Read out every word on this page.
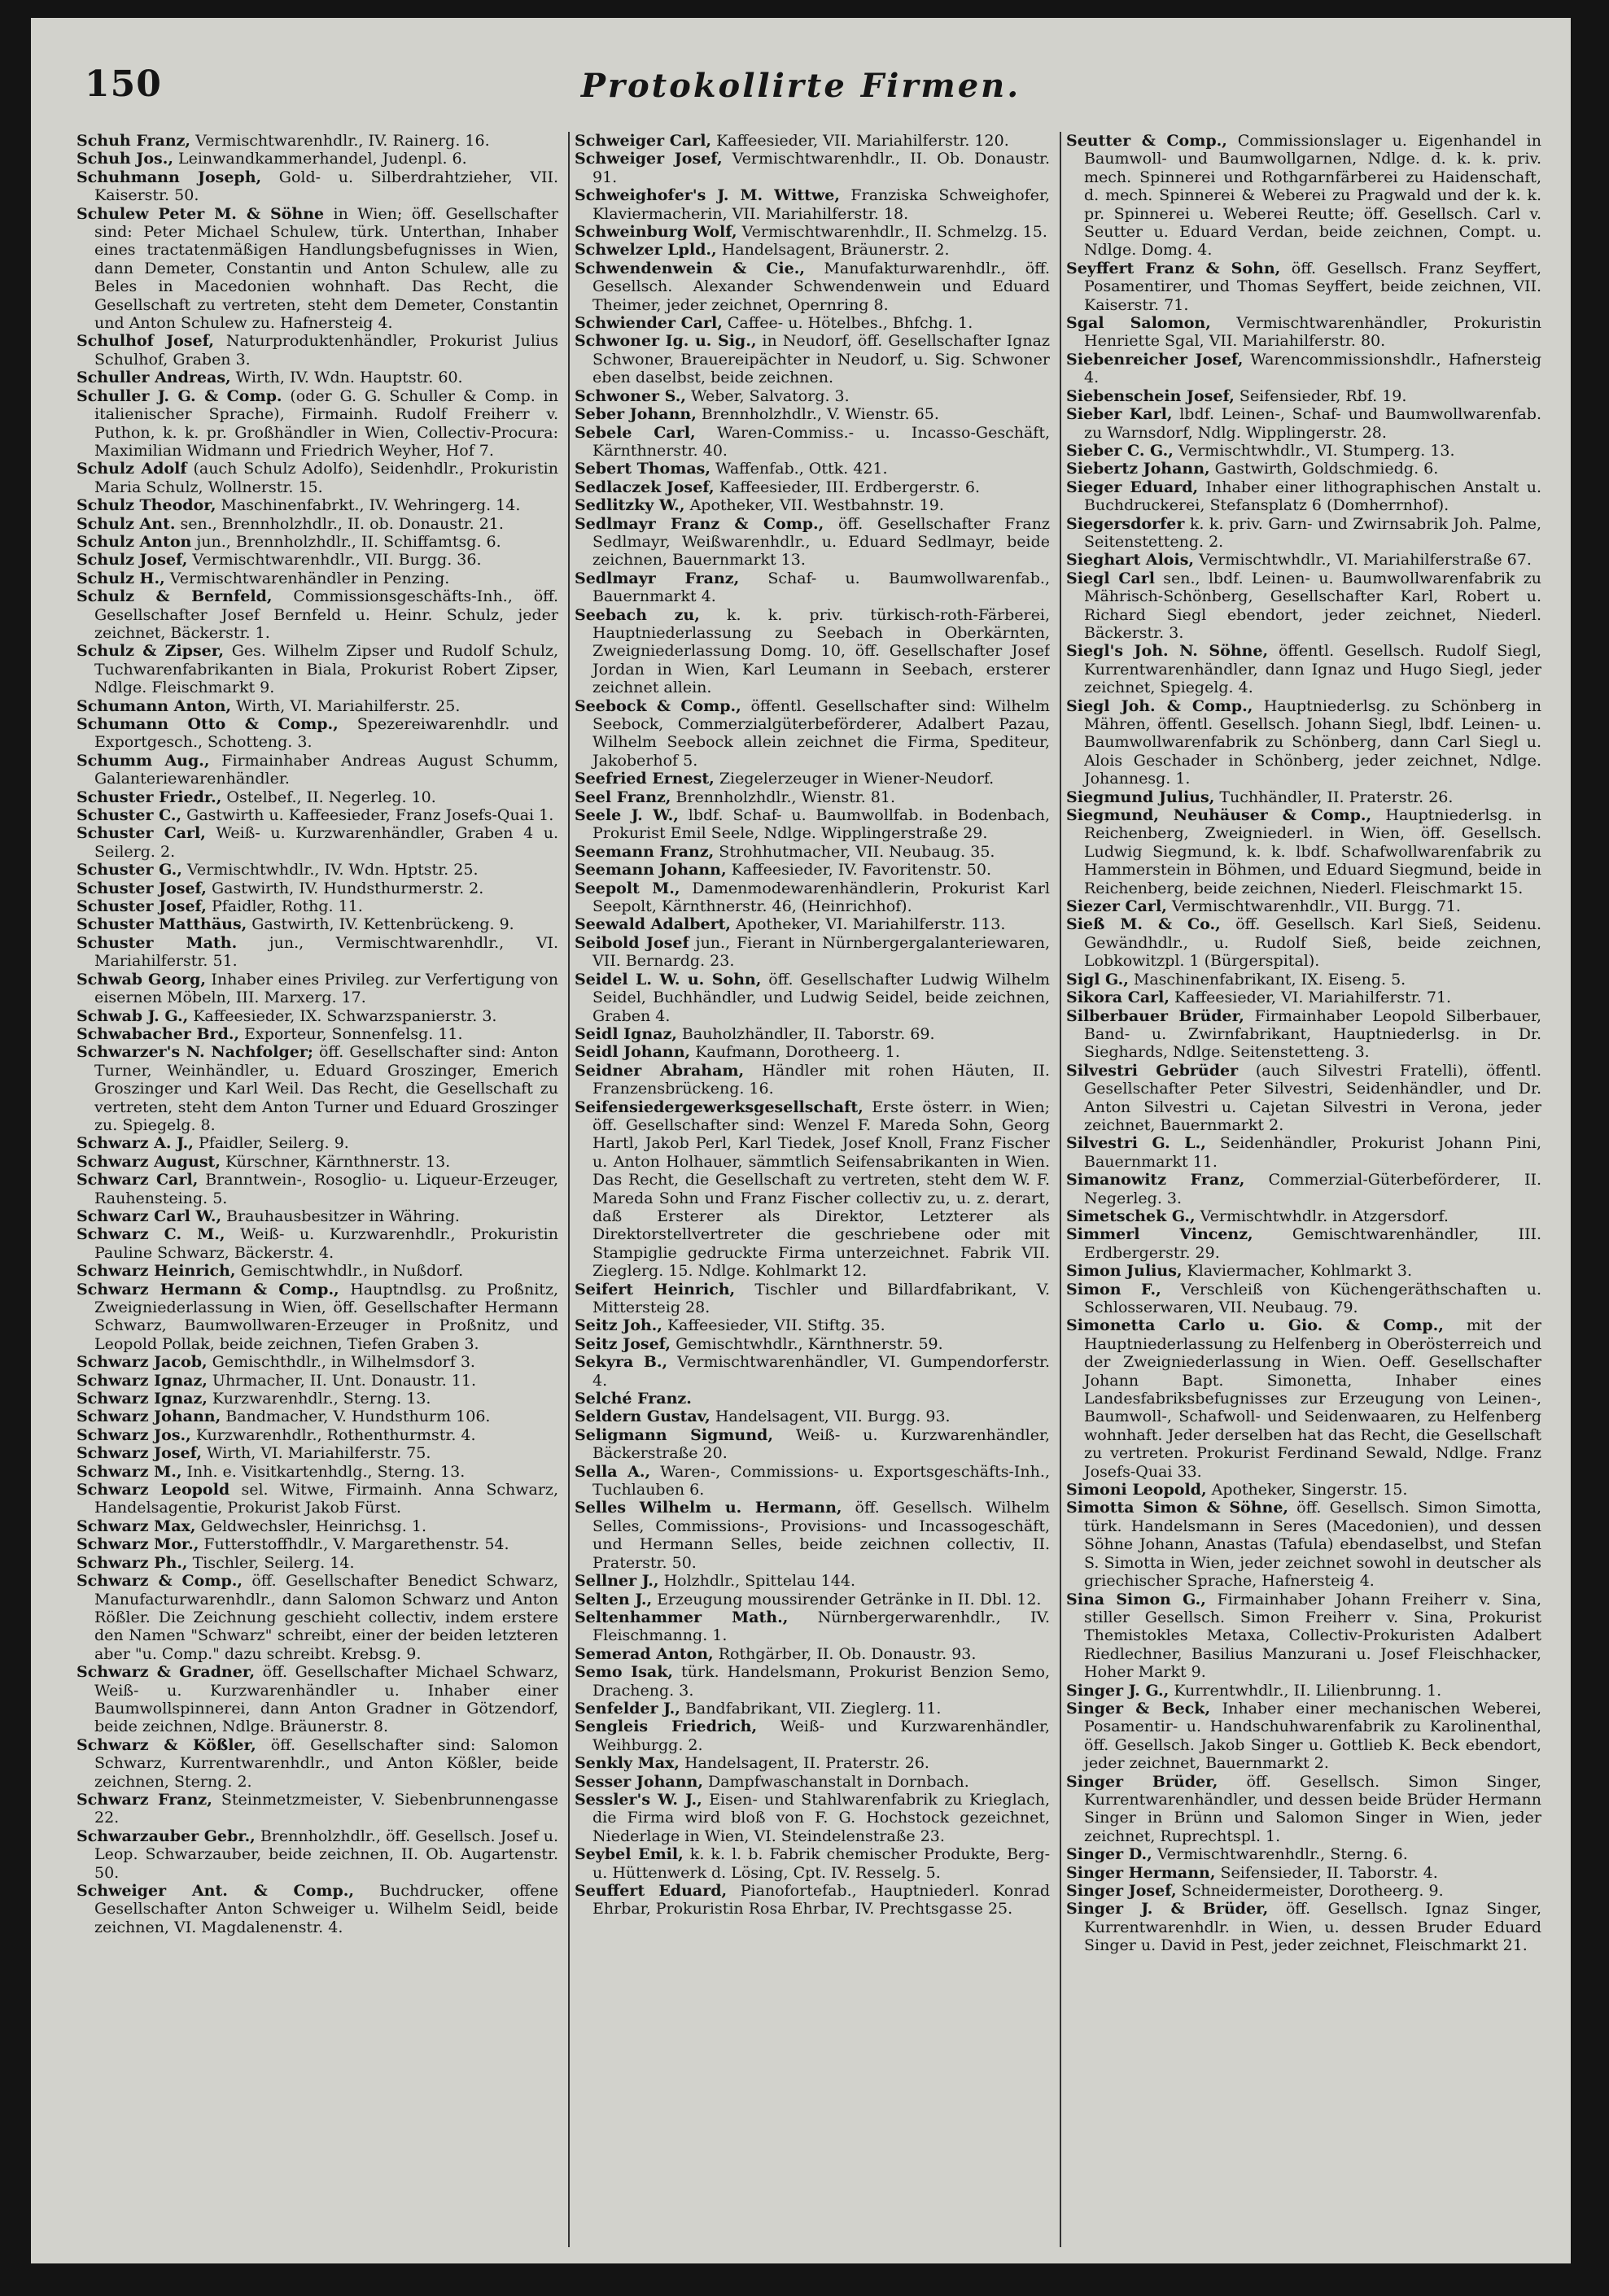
150	Protokollirte Firmen.

Schuh Franz, Vermischtwarenhdlr., IV. Rainerg. 16.

Schuh Jos., Leinwandkammerhandel, Judenpl. 6.

Schuhmann Joseph, Gold- u. Silberdrahtzieher, VII. Kaiserstr. 50.

Schulew Peter M. & Söhne in Wien; öff. Gesellschafter sind: Peter Michael Schulew, türk. Unterthan, Inhaber eines tractatenmäßigen Handlungsbefugnisses in Wien, dann Demeter, Constantin und Anton Schulew, alle zu Beles in Macedonien wohnhaft. Das Recht, die Gesellschaft zu vertreten, steht dem Demeter, Constantin und Anton Schulew zu. Hafnersteig 4.

Schulhof Josef, Naturproduktenhändler, Prokurist Julius Schulhof, Graben 3.

Schuller Andreas, Wirth, IV. Wdn. Hauptstr. 60.

Schuller J. G. & Comp. (oder G. G. Schuller & Comp. in italienischer Sprache), Firmainh. Rudolf Freiherr v. Puthon, k. k. pr. Großhändler in Wien, Collectiv-Procura: Maximilian Widmann und Friedrich Weyher, Hof 7.

Schulz Adolf (auch Schulz Adolfo), Seidenhdlr., Prokuristin Maria Schulz, Wollnerstr. 15.

Schulz Theodor, Maschinenfabrkt., IV. Wehringerg. 14.

Schulz Ant. sen., Brennholzhdlr., II. ob. Donaustr. 21.

Schulz Anton jun., Brennholzhdlr., II. Schiffamtsg. 6.

Schulz Josef, Vermischtwarenhdlr., VII. Burgg. 36.

Schulz H., Vermischtwarenhändler in Penzing.

Schulz & Bernfeld, Commissionsgeschäfts-Inh., öff. Gesellschafter Josef Bernfeld u. Heinr. Schulz, jeder zeichnet, Bäckerstr. 1.

Schulz & Zipser, Ges. Wilhelm Zipser und Rudolf Schulz, Tuchwarenfabrikanten in Biala, Prokurist Robert Zipser, Ndlge. Fleischmarkt 9.

Schumann Anton, Wirth, VI. Mariahilferstr. 25.

Schumann Otto & Comp., Spezereiwarenhdlr. und Exportgesch., Schotteng. 3.

Schumm Aug., Firmainhaber Andreas August Schumm, Galanteriewarenhändler.

Schuster Friedr., Ostelbef., II. Negerleg. 10.

Schuster C., Gastwirth u. Kaffeesieder, Franz Josefs-Quai 1.

Schuster Carl, Weiß- u. Kurzwarenhändler, Graben 4 u. Seilerg. 2.

Schuster G., Vermischtwhdlr., IV. Wdn. Hptstr. 25.

Schuster Josef, Gastwirth, IV. Hundsthurmerstr. 2.

Schuster Josef, Pfaidler, Rothg. 11.

Schuster Matthäus, Gastwirth, IV. Kettenbrückeng. 9.

Schuster Math. jun., Vermischtwarenhdlr., VI. Mariahilferstr. 51.

Schwab Georg, Inhaber eines Privileg. zur Verfertigung von eisernen Möbeln, III. Marxerg. 17.

Schwab J. G., Kaffeesieder, IX. Schwarzspanierstr. 3.

Schwabacher Brd., Exporteur, Sonnenfelsg. 11.

Schwarzer's N. Nachfolger; öff. Gesellschafter sind: Anton Turner, Weinhändler, u. Eduard Groszinger, Emerich Groszinger und Karl Weil. Das Recht, die Gesellschaft zu vertreten, steht dem Anton Turner und Eduard Groszinger zu. Spiegelg. 8.

Schwarz A. J., Pfaidler, Seilerg. 9.

Schwarz August, Kürschner, Kärnthnerstr. 13.

Schwarz Carl, Branntwein-, Rosoglio- u. Liqueur-Erzeuger, Rauhensteing. 5.

Schwarz Carl W., Brauhausbesitzer in Währing.

Schwarz C. M., Weiß- u. Kurzwarenhdlr., Prokuristin Pauline Schwarz, Bäckerstr. 4.

Schwarz Heinrich, Gemischtwhdlr., in Nußdorf.

Schwarz Hermann & Comp., Hauptndlsg. zu Proßnitz, Zweigniederlassung in Wien, öff. Gesellschafter Hermann Schwarz, Baumwollwaren-Erzeuger in Proßnitz, und Leopold Pollak, beide zeichnen, Tiefen Graben 3.

Schwarz Jacob, Gemischthdlr., in Wilhelmsdorf 3.

Schwarz Ignaz, Uhrmacher, II. Unt. Donaustr. 11.

Schwarz Ignaz, Kurzwarenhdlr., Sterng. 13.

Schwarz Johann, Bandmacher, V. Hundsthurm 106.

Schwarz Jos., Kurzwarenhdlr., Rothenthurmstr. 4.

Schwarz Josef, Wirth, VI. Mariahilferstr. 75.

Schwarz M., Inh. e. Visitkartenhdlg., Sterng. 13.

Schwarz Leopold sel. Witwe, Firmainh. Anna Schwarz, Handelsagentie, Prokurist Jakob Fürst.

Schwarz Max, Geldwechsler, Heinrichsg. 1.

Schwarz Mor., Futterstoffhdlr., V. Margarethenstr. 54.

Schwarz Ph., Tischler, Seilerg. 14.

Schwarz & Comp., öff. Gesellschafter Benedict Schwarz, Manufacturwarenhdlr., dann Salomon Schwarz und Anton Rößler. Die Zeichnung geschieht collectiv, indem erstere den Namen "Schwarz" schreibt, einer der beiden letzteren aber "u. Comp." dazu schreibt. Krebsg. 9.

Schwarz & Gradner, öff. Gesellschafter Michael Schwarz, Weiß- u. Kurzwarenhändler u. Inhaber einer Baumwollspinnerei, dann Anton Gradner in Götzendorf, beide zeichnen, Ndlge. Bräunerstr. 8.

Schwarz & Kößler, öff. Gesellschafter sind: Salomon Schwarz, Kurrentwarenhdlr., und Anton Kößler, beide zeichnen, Sterng. 2.

Schwarz Franz, Steinmetzmeister, V. Siebenbrunnengasse 22.

Schwarzauber Gebr., Brennholzhdlr., öff. Gesellsch. Josef u. Leop. Schwarzauber, beide zeichnen, II. Ob. Augartenstr. 50.

Schweiger Ant. & Comp., Buchdrucker, offene Gesellschafter Anton Schweiger u. Wilhelm Seidl, beide zeichnen, VI. Magdalenenstr. 4.

Schweiger Carl, Kaffeesieder, VII. Mariahilferstr. 120.

Schweiger Josef, Vermischtwarenhdlr., II. Ob. Donaustr. 91.

Schweighofer's J. M. Wittwe, Franziska Schweighofer, Klaviermacherin, VII. Mariahilferstr. 18.

Schweinburg Wolf, Vermischtwarenhdlr., II. Schmelzg. 15.

Schwelzer Lpld., Handelsagent, Bräunerstr. 2.

Schwendenwein & Cie., Manufakturwarenhdlr., öff. Gesellsch. Alexander Schwendenwein und Eduard Theimer, jeder zeichnet, Opernring 8.

Schwiender Carl, Caffee- u. Hötelbes., Bhfchg. 1.

Schwoner Ig. u. Sig., in Neudorf, öff. Gesellschafter Ignaz Schwoner, Brauereipächter in Neudorf, u. Sig. Schwoner eben daselbst, beide zeichnen.

Schwoner S., Weber, Salvatorg. 3.

Seber Johann, Brennholzhdlr., V. Wienstr. 65.

Sebele Carl, Waren-Commiss.- u. Incasso-Geschäft, Kärnthnerstr. 40.

Sebert Thomas, Waffenfab., Ottk. 421.

Sedlaczek Josef, Kaffeesieder, III. Erdbergerstr. 6.

Sedlitzky W., Apotheker, VII. Westbahnstr. 19.

Sedlmayr Franz & Comp., öff. Gesellschafter Franz Sedlmayr, Weißwarenhdlr., u. Eduard Sedlmayr, beide zeichnen, Bauernmarkt 13.

Sedlmayr Franz, Schaf- u. Baumwollwarenfab., Bauernmarkt 4.

Seebach zu, k. k. priv. türkisch-roth-Färberei, Hauptniederlassung zu Seebach in Oberkärnten, Zweigniederlassung Domg. 10, öff. Gesellschafter Josef Jordan in Wien, Karl Leumann in Seebach, ersterer zeichnet allein.

Seebock & Comp., öffentl. Gesellschafter sind: Wilhelm Seebock, Commerzialgüterbeförderer, Adalbert Pazau, Wilhelm Seebock allein zeichnet die Firma, Spediteur, Jakoberhof 5.

Seefried Ernest, Ziegelerzeuger in Wiener-Neudorf.

Seel Franz, Brennholzhdlr., Wienstr. 81.

Seele J. W., lbdf. Schaf- u. Baumwollfab. in Bodenbach, Prokurist Emil Seele, Ndlge. Wipplingerstraße 29.

Seemann Franz, Strohhutmacher, VII. Neubaug. 35.

Seemann Johann, Kaffeesieder, IV. Favoritenstr. 50.

Seepolt M., Damenmodewarenhändlerin, Prokurist Karl Seepolt, Kärnthnerstr. 46, (Heinrichhof).

Seewald Adalbert, Apotheker, VI. Mariahilferstr. 113.

Seibold Josef jun., Fierant in Nürnbergergalanteriewaren, VII. Bernardg. 23.

Seidel L. W. u. Sohn, öff. Gesellschafter Ludwig Wilhelm Seidel, Buchhändler, und Ludwig Seidel, beide zeichnen, Graben 4.

Seidl Ignaz, Bauholzhändler, II. Taborstr. 69.

Seidl Johann, Kaufmann, Dorotheerg. 1.

Seidner Abraham, Händler mit rohen Häuten, II. Franzensbrückeng. 16.

Seifensiedergewerksgesellschaft, Erste österr. in Wien; öff. Gesellschafter sind: Wenzel F. Mareda Sohn, Georg Hartl, Jakob Perl, Karl Tiedek, Josef Knoll, Franz Fischer u. Anton Holhauer, sämmtlich Seifensabrikanten in Wien. Das Recht, die Gesellschaft zu vertreten, steht dem W. F. Mareda Sohn und Franz Fischer collectiv zu, u. z. derart, daß Ersterer als Direktor, Letzterer als Direktorstellvertreter die geschriebene oder mit Stampiglie gedruckte Firma unterzeichnet. Fabrik VII. Zieglerg. 15. Ndlge. Kohlmarkt 12.

Seifert Heinrich, Tischler und Billardfabrikant, V. Mittersteig 28.

Seitz Joh., Kaffeesieder, VII. Stiftg. 35.

Seitz Josef, Gemischtwhdlr., Kärnthnerstr. 59.

Sekyra B., Vermischtwarenhändler, VI. Gumpendorferstr. 4.

Selché Franz.

Seldern Gustav, Handelsagent, VII. Burgg. 93.

Seligmann Sigmund, Weiß- u. Kurzwarenhändler, Bäckerstraße 20.

Sella A., Waren-, Commissions- u. Exportsgeschäfts-Inh., Tuchlauben 6.

Selles Wilhelm u. Hermann, öff. Gesellsch. Wilhelm Selles, Commissions-, Provisions- und Incassogeschäft, und Hermann Selles, beide zeichnen collectiv, II. Praterstr. 50.

Sellner J., Holzhdlr., Spittelau 144.

Selten J., Erzeugung moussirender Getränke in II. Dbl. 12.

Seltenhammer Math., Nürnbergerwarenhdlr., IV. Fleischmanng. 1.

Semerad Anton, Rothgärber, II. Ob. Donaustr. 93.

Semo Isak, türk. Handelsmann, Prokurist Benzion Semo, Dracheng. 3.

Senfelder J., Bandfabrikant, VII. Zieglerg. 11.

Sengleis Friedrich, Weiß- und Kurzwarenhändler, Weihburgg. 2.

Senkly Max, Handelsagent, II. Praterstr. 26.

Sesser Johann, Dampfwaschanstalt in Dornbach.

Sessler's W. J., Eisen- und Stahlwarenfabrik zu Krieglach, die Firma wird bloß von F. G. Hochstock gezeichnet, Niederlage in Wien, VI. Steindelenstraße 23.

Seybel Emil, k. k. l. b. Fabrik chemischer Produkte, Berg- u. Hüttenwerk d. Lösing, Cpt. IV. Resselg. 5.

Seuffert Eduard, Pianofortefab., Hauptniederl. Konrad Ehrbar, Prokuristin Rosa Ehrbar, IV. Prechtsgasse 25.

Seutter & Comp., Commissionslager u. Eigenhandel in Baumwoll- und Baumwollgarnen, Ndlge. d. k. k. priv. mech. Spinnerei und Rothgarnfärberei zu Haidenschaft, d. mech. Spinnerei & Weberei zu Pragwald und der k. k. pr. Spinnerei u. Weberei Reutte; öff. Gesellsch. Carl v. Seutter u. Eduard Verdan, beide zeichnen, Compt. u. Ndlge. Domg. 4.

Seyffert Franz & Sohn, öff. Gesellsch. Franz Seyffert, Posamentirer, und Thomas Seyffert, beide zeichnen, VII. Kaiserstr. 71.

Sgal Salomon, Vermischtwarenhändler, Prokuristin Henriette Sgal, VII. Mariahilferstr. 80.

Siebenreicher Josef, Warencommissionshdlr., Hafnersteig 4.

Siebenschein Josef, Seifensieder, Rbf. 19.

Sieber Karl, lbdf. Leinen-, Schaf- und Baumwollwarenfab. zu Warnsdorf, Ndlg. Wipplingerstr. 28.

Sieber C. G., Vermischtwhdlr., VI. Stumperg. 13.

Siebertz Johann, Gastwirth, Goldschmiedg. 6.

Sieger Eduard, Inhaber einer lithographischen Anstalt u. Buchdruckerei, Stefansplatz 6 (Domherrnhof).

Siegersdorfer k. k. priv. Garn- und Zwirnsabrik Joh. Palme, Seitenstetteng. 2.

Sieghart Alois, Vermischtwhdlr., VI. Mariahilferstraße 67.

Siegl Carl sen., lbdf. Leinen- u. Baumwollwarenfabrik zu Mährisch-Schönberg, Gesellschafter Karl, Robert u. Richard Siegl ebendort, jeder zeichnet, Niederl. Bäckerstr. 3.

Siegl's Joh. N. Söhne, öffentl. Gesellsch. Rudolf Siegl, Kurrentwarenhändler, dann Ignaz und Hugo Siegl, jeder zeichnet, Spiegelg. 4.

Siegl Joh. & Comp., Hauptniederlsg. zu Schönberg in Mähren, öffentl. Gesellsch. Johann Siegl, lbdf. Leinen- u. Baumwollwarenfabrik zu Schönberg, dann Carl Siegl u. Alois Geschader in Schönberg, jeder zeichnet, Ndlge. Johannesg. 1.

Siegmund Julius, Tuchhändler, II. Praterstr. 26.

Siegmund, Neuhäuser & Comp., Hauptniederlsg. in Reichenberg, Zweigniederl. in Wien, öff. Gesellsch. Ludwig Siegmund, k. k. lbdf. Schafwollwarenfabrik zu Hammerstein in Böhmen, und Eduard Siegmund, beide in Reichenberg, beide zeichnen, Niederl. Fleischmarkt 15.

Siezer Carl, Vermischtwarenhdlr., VII. Burgg. 71.

Sieß M. & Co., öff. Gesellsch. Karl Sieß, Seidenu. Gewändhdlr., u. Rudolf Sieß, beide zeichnen, Lobkowitzpl. 1 (Bürgerspital).

Sigl G., Maschinenfabrikant, IX. Eiseng. 5.

Sikora Carl, Kaffeesieder, VI. Mariahilferstr. 71.

Silberbauer Brüder, Firmainhaber Leopold Silberbauer, Band- u. Zwirnfabrikant, Hauptniederlsg. in Dr. Sieghards, Ndlge. Seitenstetteng. 3.

Silvestri Gebrüder (auch Silvestri Fratelli), öffentl. Gesellschafter Peter Silvestri, Seidenhändler, und Dr. Anton Silvestri u. Cajetan Silvestri in Verona, jeder zeichnet, Bauernmarkt 2.

Silvestri G. L., Seidenhändler, Prokurist Johann Pini, Bauernmarkt 11.

Simanowitz Franz, Commerzial-Güterbeförderer, II. Negerleg. 3.

Simetschek G., Vermischtwhdlr. in Atzgersdorf.

Simmerl Vincenz, Gemischtwarenhändler, III. Erdbergerstr. 29.

Simon Julius, Klaviermacher, Kohlmarkt 3.

Simon F., Verschleiß von Küchengeräthschaften u. Schlosserwaren, VII. Neubaug. 79.

Simonetta Carlo u. Gio. & Comp., mit der Hauptniederlassung zu Helfenberg in Oberösterreich und der Zweigniederlassung in Wien. Oeff. Gesellschafter Johann Bapt. Simonetta, Inhaber eines Landesfabriksbefugnisses zur Erzeugung von Leinen-, Baumwoll-, Schafwoll- und Seidenwaaren, zu Helfenberg wohnhaft. Jeder derselben hat das Recht, die Gesellschaft zu vertreten. Prokurist Ferdinand Sewald, Ndlge. Franz Josefs-Quai 33.

Simoni Leopold, Apotheker, Singerstr. 15.

Simotta Simon & Söhne, öff. Gesellsch. Simon Simotta, türk. Handelsmann in Seres (Macedonien), und dessen Söhne Johann, Anastas (Tafula) ebendaselbst, und Stefan S. Simotta in Wien, jeder zeichnet sowohl in deutscher als griechischer Sprache, Hafnersteig 4.

Sina Simon G., Firmainhaber Johann Freiherr v. Sina, stiller Gesellsch. Simon Freiherr v. Sina, Prokurist Themistokles Metaxa, Collectiv-Prokuristen Adalbert Riedlechner, Basilius Manzurani u. Josef Fleischhacker, Hoher Markt 9.

Singer J. G., Kurrentwhdlr., II. Lilienbrunng. 1.

Singer & Beck, Inhaber einer mechanischen Weberei, Posamentir- u. Handschuhwarenfabrik zu Karolinenthal, öff. Gesellsch. Jakob Singer u. Gottlieb K. Beck ebendort, jeder zeichnet, Bauernmarkt 2.

Singer Brüder, öff. Gesellsch. Simon Singer, Kurrentwarenhändler, und dessen beide Brüder Hermann Singer in Brünn und Salomon Singer in Wien, jeder zeichnet, Ruprechtspl. 1.

Singer D., Vermischtwarenhdlr., Sterng. 6.

Singer Hermann, Seifensieder, II. Taborstr. 4.

Singer Josef, Schneidermeister, Dorotheerg. 9.

Singer J. & Brüder, öff. Gesellsch. Ignaz Singer, Kurrentwarenhdlr. in Wien, u. dessen Bruder Eduard Singer u. David in Pest, jeder zeichnet, Fleischmarkt 21.
